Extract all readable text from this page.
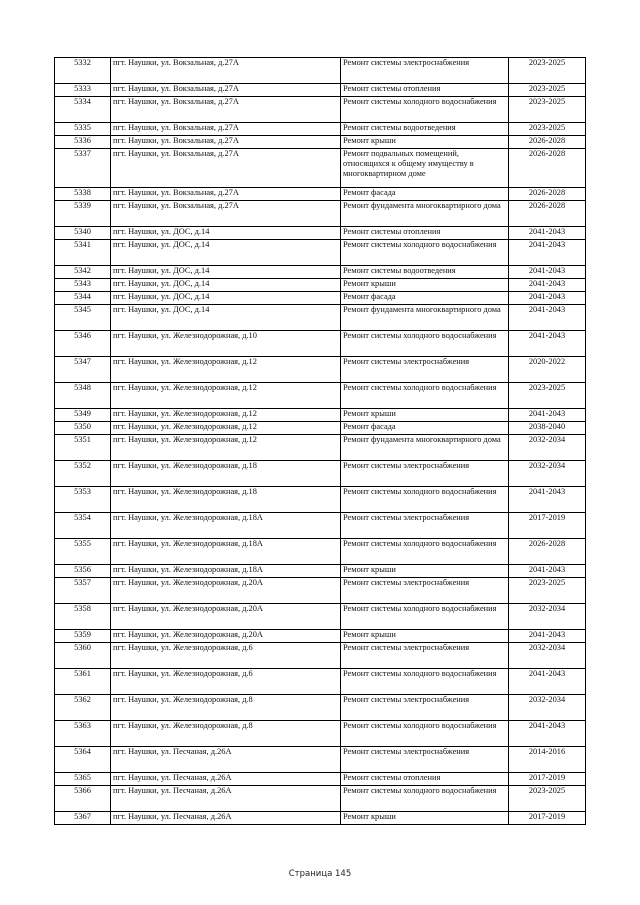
5332	пгт. Наушки, ул. Вокзальная, д.27А	Ремонт системы электроснабжения	2023-2025
5333	пгт. Наушки, ул. Вокзальная, д.27А	Ремонт системы отопления	2023-2025
5334	пгт. Наушки, ул. Вокзальная, д.27А	Ремонт системы холодного водоснабжения	2023-2025
5335	пгт. Наушки, ул. Вокзальная, д.27А	Ремонт системы водоотведения	2023-2025
5336	пгт. Наушки, ул. Вокзальная, д.27А	Ремонт крыши	2026-2028
5337	пгт. Наушки, ул. Вокзальная, д.27А	Ремонт подвальных помещений, относящихся к общему имуществу в многоквартирном доме	2026-2028
5338	пгт. Наушки, ул. Вокзальная, д.27А	Ремонт фасада	2026-2028
5339	пгт. Наушки, ул. Вокзальная, д.27А	Ремонт фундамента многоквартирного дома	2026-2028
5340	пгт. Наушки, ул. ДОС, д.14	Ремонт системы отопления	2041-2043
5341	пгт. Наушки, ул. ДОС, д.14	Ремонт системы холодного водоснабжения	2041-2043
5342	пгт. Наушки, ул. ДОС, д.14	Ремонт системы водоотведения	2041-2043
5343	пгт. Наушки, ул. ДОС, д.14	Ремонт крыши	2041-2043
5344	пгт. Наушки, ул. ДОС, д.14	Ремонт фасада	2041-2043
5345	пгт. Наушки, ул. ДОС, д.14	Ремонт фундамента многоквартирного дома	2041-2043
5346	пгт. Наушки, ул. Железнодорожная, д.10	Ремонт системы холодного водоснабжения	2041-2043
5347	пгт. Наушки, ул. Железнодорожная, д.12	Ремонт системы электроснабжения	2020-2022
5348	пгт. Наушки, ул. Железнодорожная, д.12	Ремонт системы холодного водоснабжения	2023-2025
5349	пгт. Наушки, ул. Железнодорожная, д.12	Ремонт крыши	2041-2043
5350	пгт. Наушки, ул. Железнодорожная, д.12	Ремонт фасада	2038-2040
5351	пгт. Наушки, ул. Железнодорожная, д.12	Ремонт фундамента многоквартирного дома	2032-2034
5352	пгт. Наушки, ул. Железнодорожная, д.18	Ремонт системы электроснабжения	2032-2034
5353	пгт. Наушки, ул. Железнодорожная, д.18	Ремонт системы холодного водоснабжения	2041-2043
5354	пгт. Наушки, ул. Железнодорожная, д.18А	Ремонт системы электроснабжения	2017-2019
5355	пгт. Наушки, ул. Железнодорожная, д.18А	Ремонт системы холодного водоснабжения	2026-2028
5356	пгт. Наушки, ул. Железнодорожная, д.18А	Ремонт крыши	2041-2043
5357	пгт. Наушки, ул. Железнодорожная, д.20А	Ремонт системы электроснабжения	2023-2025
5358	пгт. Наушки, ул. Железнодорожная, д.20А	Ремонт системы холодного водоснабжения	2032-2034
5359	пгт. Наушки, ул. Железнодорожная, д.20А	Ремонт крыши	2041-2043
5360	пгт. Наушки, ул. Железнодорожная, д.6	Ремонт системы электроснабжения	2032-2034
5361	пгт. Наушки, ул. Железнодорожная, д.6	Ремонт системы холодного водоснабжения	2041-2043
5362	пгт. Наушки, ул. Железнодорожная, д.8	Ремонт системы электроснабжения	2032-2034
5363	пгт. Наушки, ул. Железнодорожная, д.8	Ремонт системы холодного водоснабжения	2041-2043
5364	пгт. Наушки, ул. Песчаная, д.26А	Ремонт системы электроснабжения	2014-2016
5365	пгт. Наушки, ул. Песчаная, д.26А	Ремонт системы отопления	2017-2019
5366	пгт. Наушки, ул. Песчаная, д.26А	Ремонт системы холодного водоснабжения	2023-2025
5367	пгт. Наушки, ул. Песчаная, д.26А	Ремонт крыши	2017-2019
Страница 145
